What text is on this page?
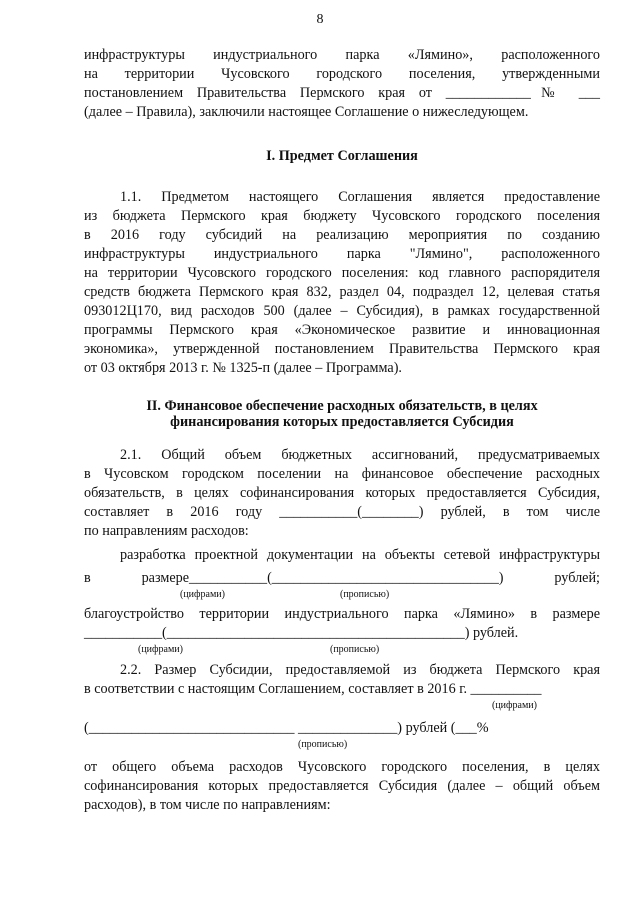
8

инфраструктуры индустриального парка «Лямино», расположенного

на территории Чусовского городского поселения, утвержденными

постановлением Правительства Пермского края от ____________№ ___

(далее – Правила), заключили настоящее Соглашение о нижеследующем.

I. Предмет Соглашения

1.1. Предметом настоящего Соглашения является предоставление

из бюджета Пермского края бюджету Чусовского городского поселения

в 2016 году субсидий на реализацию мероприятия по созданию

инфраструктуры индустриального парка "Лямино", расположенного

на территории Чусовского городского поселения: код главного распорядителя

средств бюджета Пермского края 832, раздел 04, подраздел 12, целевая статья

093012Ц170, вид расходов 500 (далее – Субсидия), в рамках государственной

программы Пермского края «Экономическое развитие и инновационная

экономика», утвержденной постановлением Правительства Пермского края

от 03 октября 2013 г. № 1325-п (далее – Программа).

II. Финансовое обеспечение расходных обязательств, в целях
финансирования которых предоставляется Субсидия

2.1. Общий объем бюджетных ассигнований, предусматриваемых

в Чусовском городском поселении на финансовое обеспечение расходных

обязательств, в целях софинансирования которых предоставляется Субсидия,

составляет в 2016 году ___________(________) рублей, в том числе

по направлениям расходов:

разработка проектной документации на объекты сетевой инфраструктуры

в размере___________(________________________________) рублей;

(цифрами)	(прописью)

благоустройство территории индустриального парка «Лямино» в размере

___________(__________________________________________) рублей.

(цифрами)	(прописью)

2.2. Размер Субсидии, предоставляемой из бюджета Пермского края

в соответствии с настоящим Соглашением, составляет в 2016 г. __________

(цифрами)

(_____________________________ ______________) рублей (___%

(прописью)

от общего объема расходов Чусовского городского поселения, в целях

софинансирования которых предоставляется Субсидия (далее – общий объем

расходов), в том числе по направлениям:
